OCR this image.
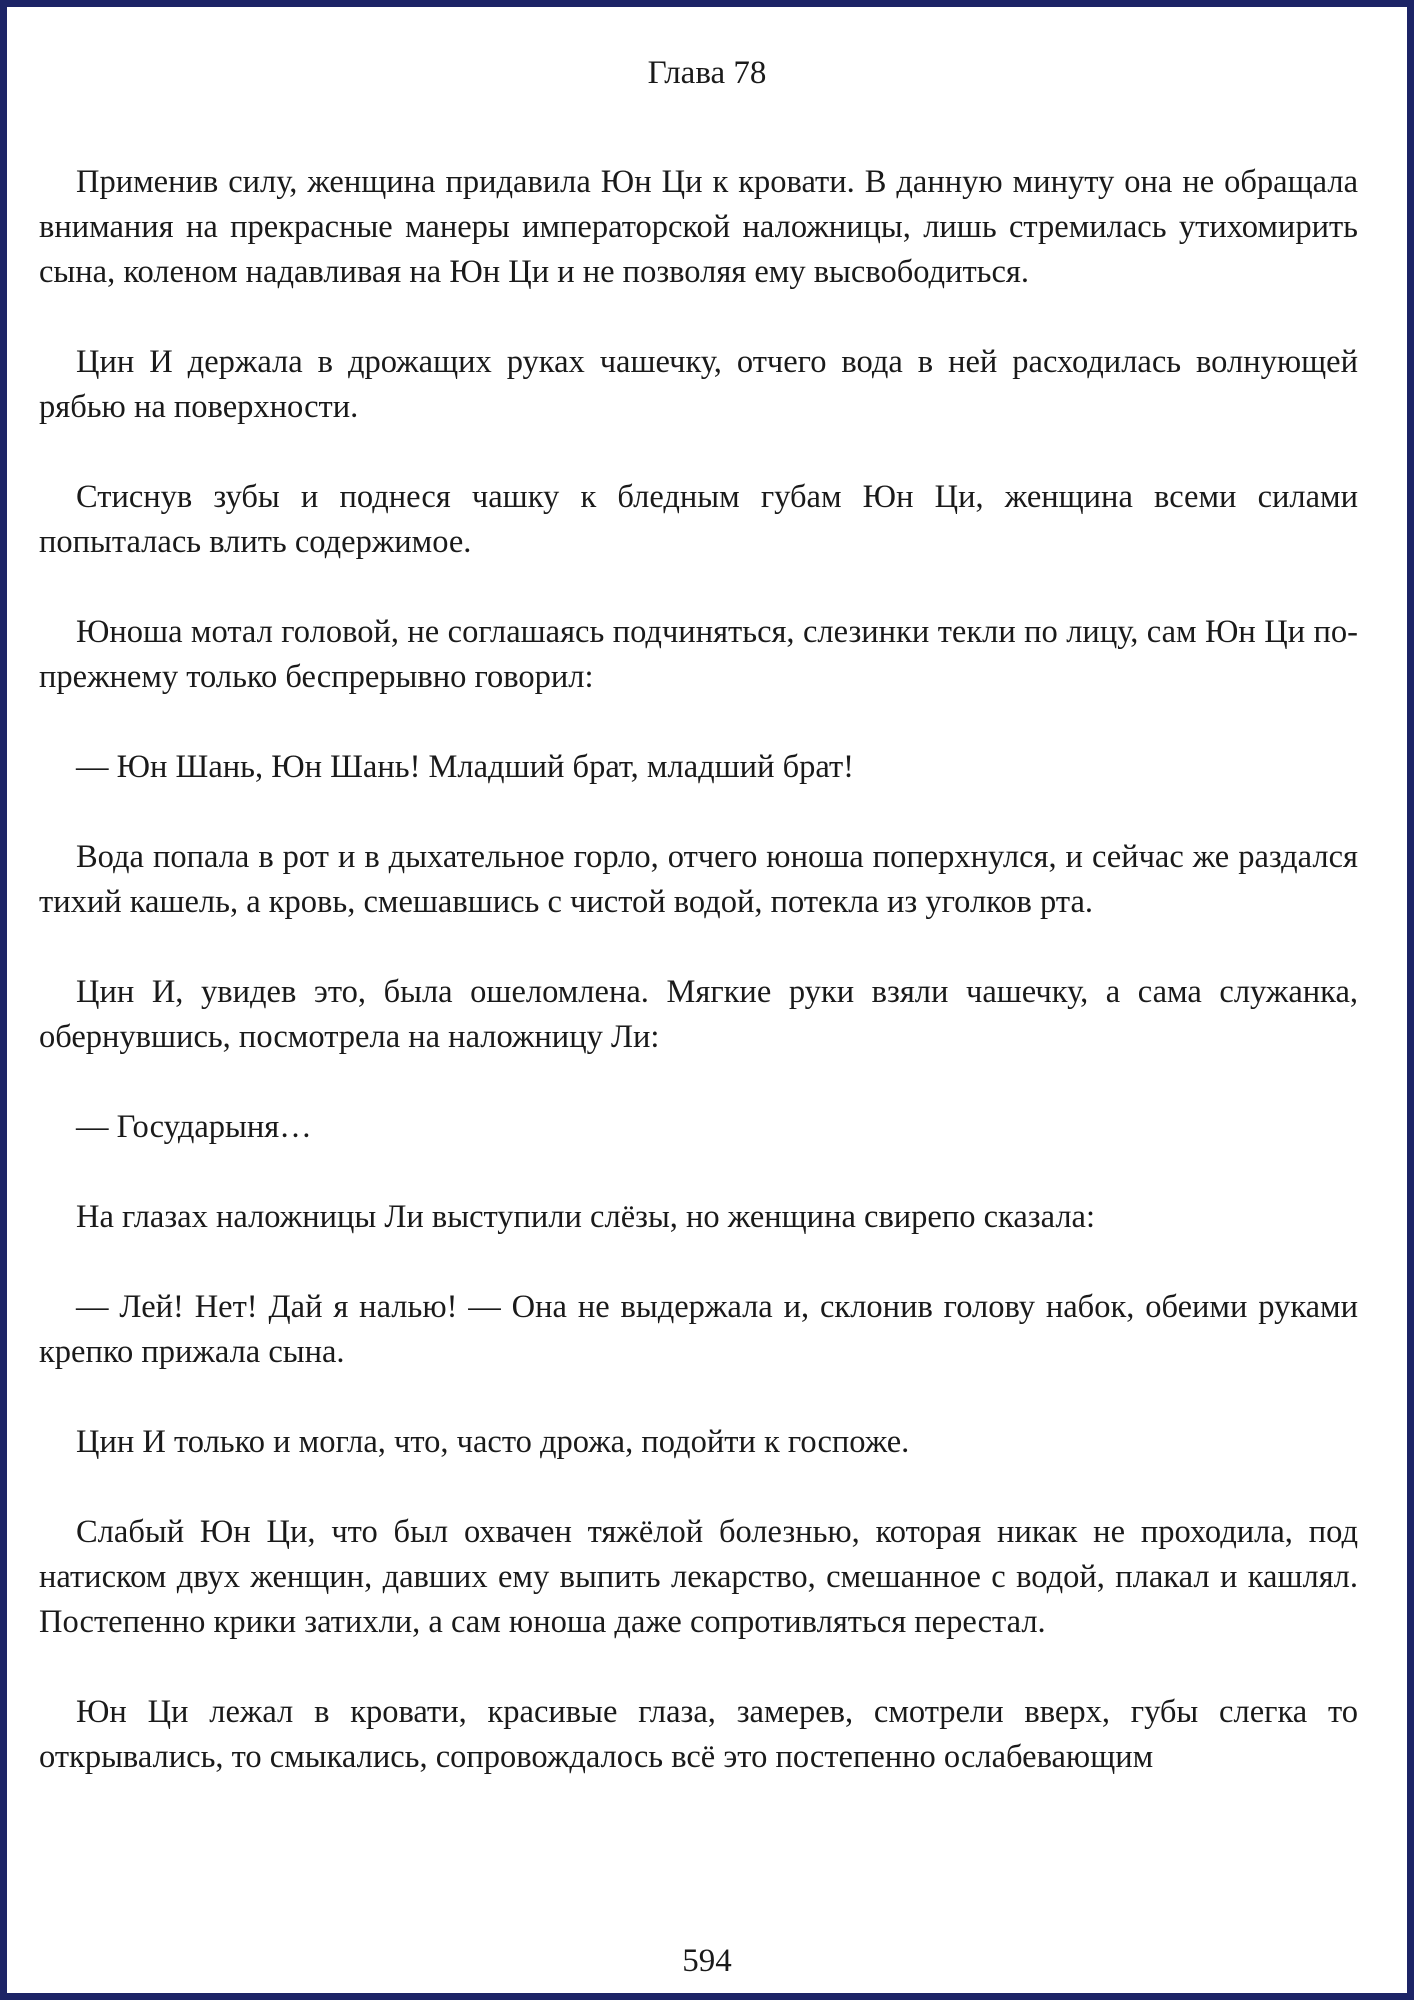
Глава 78

Применив силу, женщина придавила Юн Ци к кровати. В данную минуту она не обращала внимания на прекрасные манеры императорской наложницы, лишь стремилась утихомирить сына, коленом надавливая на Юн Ци и не позволяя ему высвободиться.

Цин И держала в дрожащих руках чашечку, отчего вода в ней расходилась волнующей рябью на поверхности.

Стиснув зубы и поднеся чашку к бледным губам Юн Ци, женщина всеми силами попыталась влить содержимое.

Юноша мотал головой, не соглашаясь подчиняться, слезинки текли по лицу, сам Юн Ци по-прежнему только беспрерывно говорил:

— Юн Шань, Юн Шань! Младший брат, младший брат!

Вода попала в рот и в дыхательное горло, отчего юноша поперхнулся, и сейчас же раздался тихий кашель, а кровь, смешавшись с чистой водой, потекла из уголков рта.

Цин И, увидев это, была ошеломлена. Мягкие руки взяли чашечку, а сама служанка, обернувшись, посмотрела на наложницу Ли:

— Государыня…

На глазах наложницы Ли выступили слёзы, но женщина свирепо сказала:

— Лей! Нет! Дай я налью! — Она не выдержала и, склонив голову набок, обеими руками крепко прижала сына.

Цин И только и могла, что, часто дрожа, подойти к госпоже.

Слабый Юн Ци, что был охвачен тяжёлой болезнью, которая никак не проходила, под натиском двух женщин, давших ему выпить лекарство, смешанное с водой, плакал и кашлял. Постепенно крики затихли, а сам юноша даже сопротивляться перестал.

Юн Ци лежал в кровати, красивые глаза, замерев, смотрели вверх, губы слегка то открывались, то смыкались, сопровождалось всё это постепенно ослабевающим

594
